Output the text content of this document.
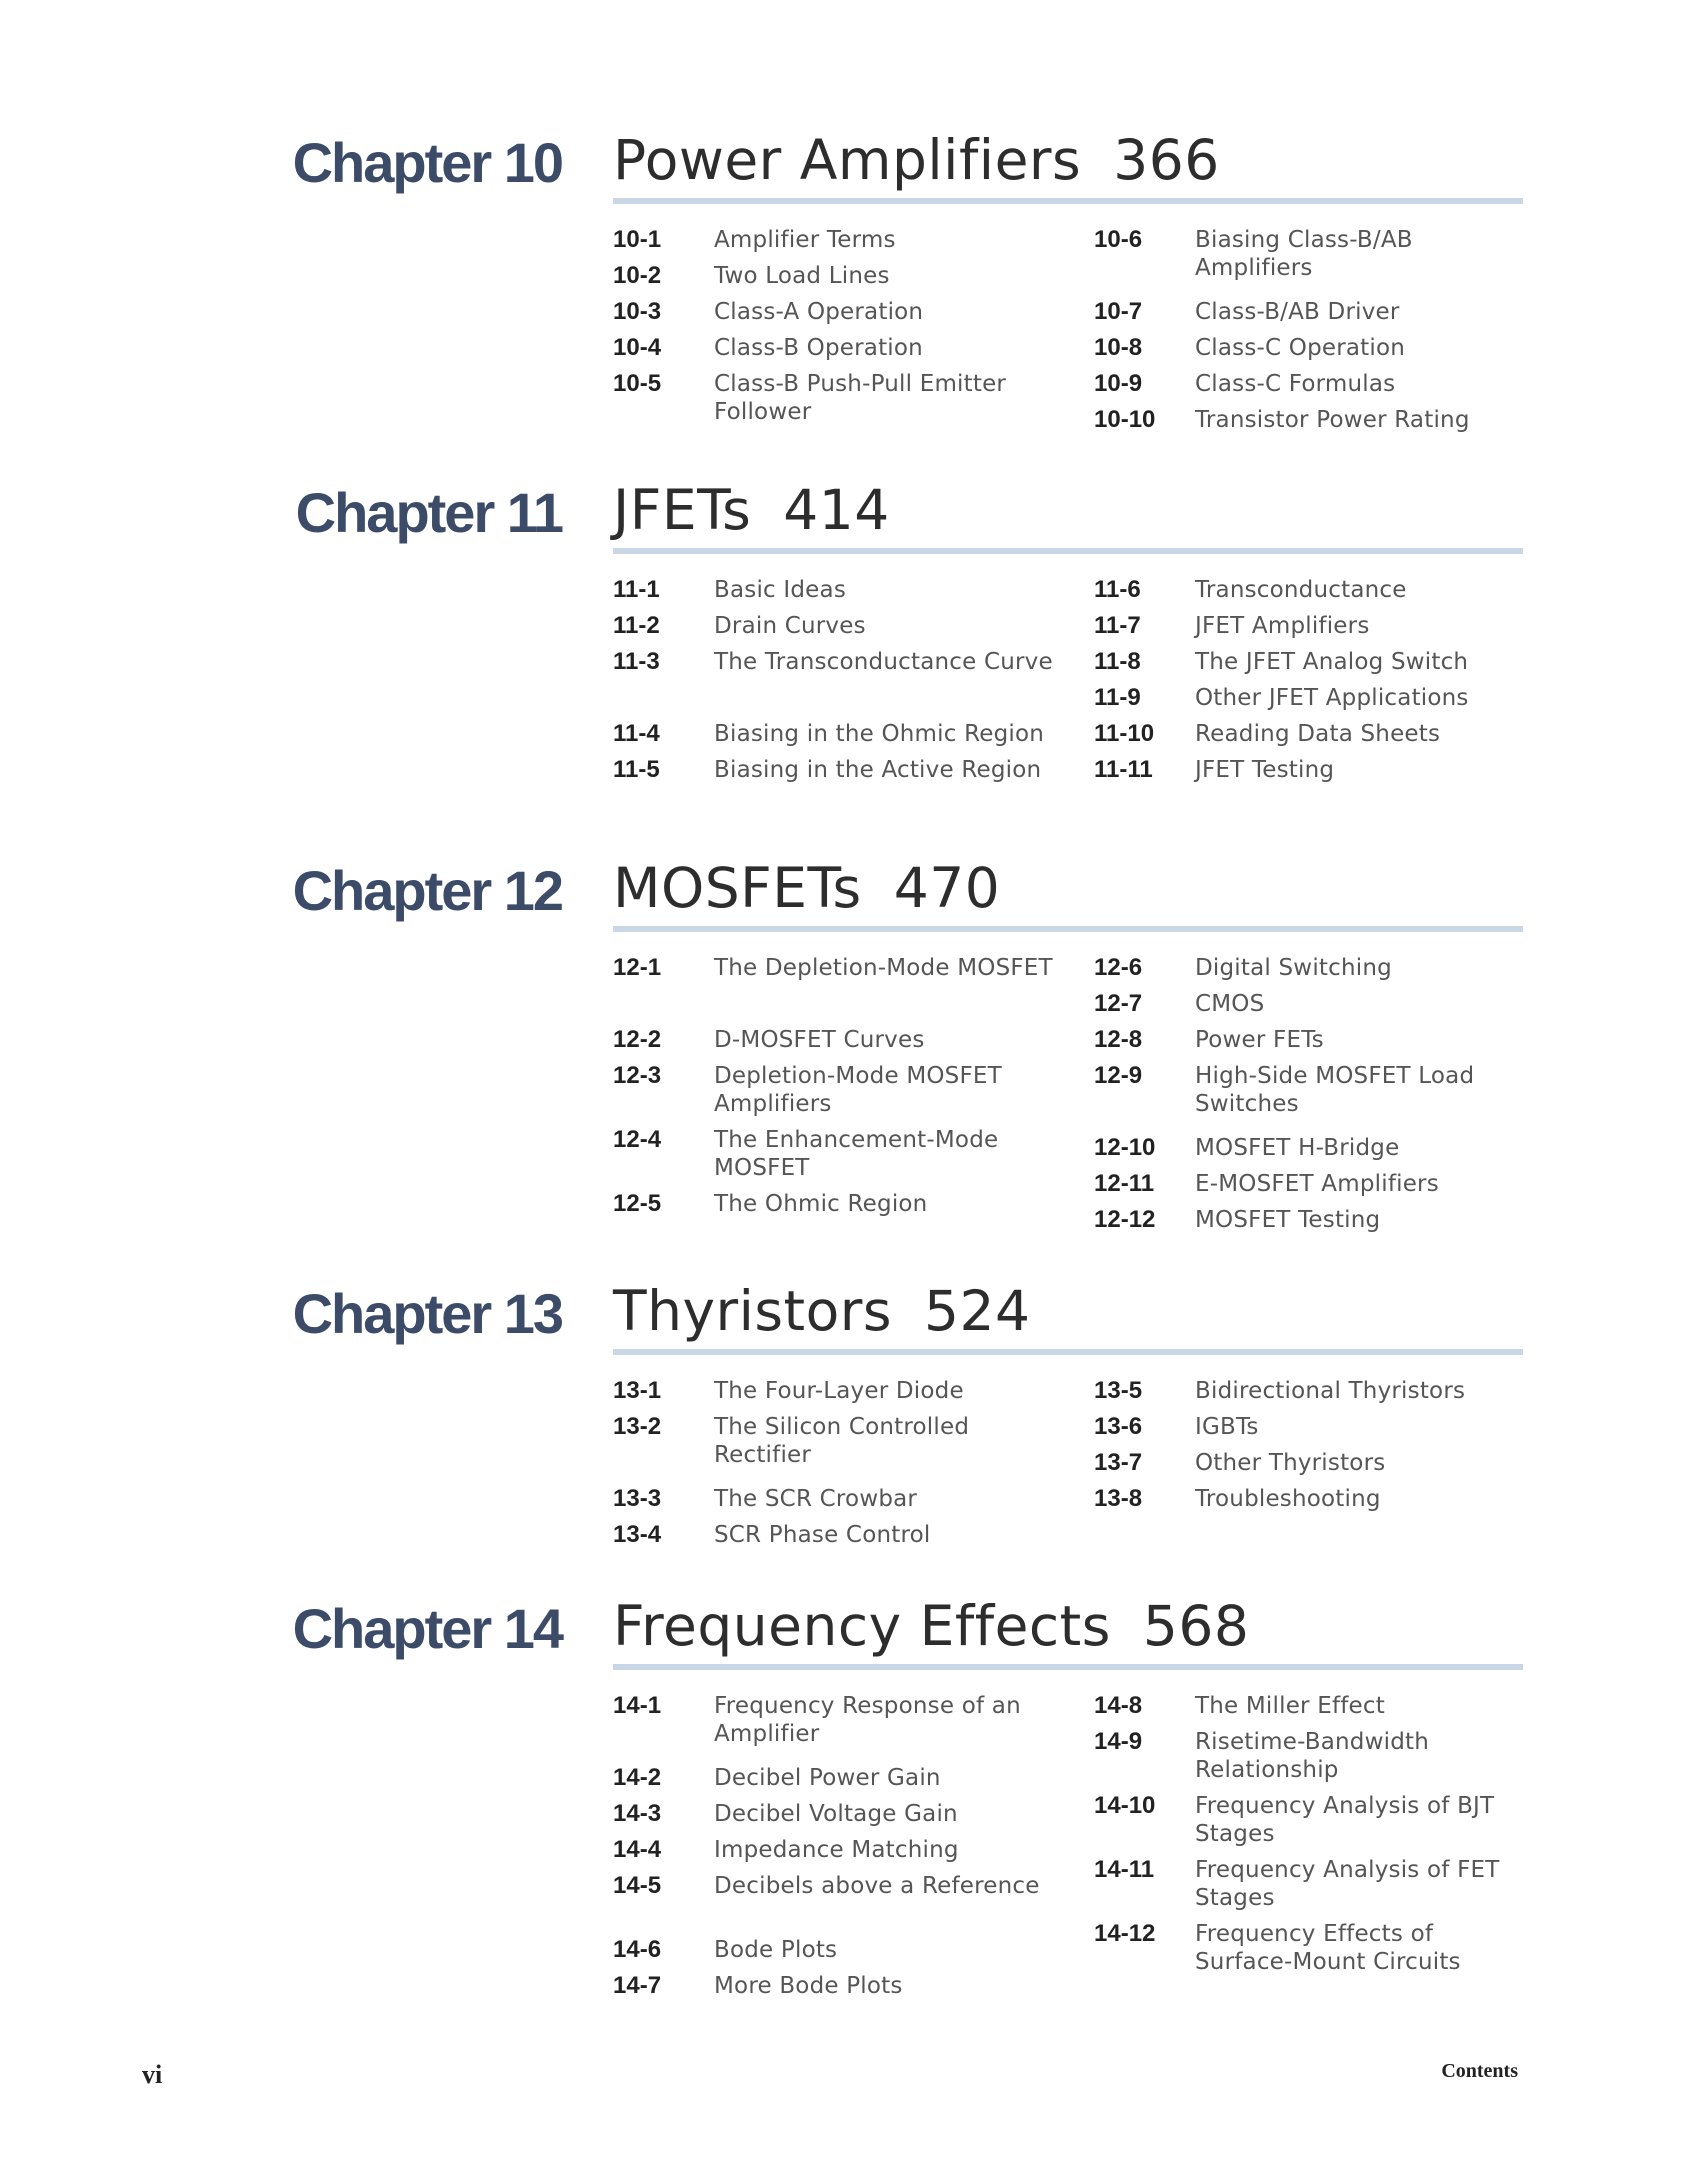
Chapter 10 Power Amplifiers 366
10-1 Amplifier Terms
10-2 Two Load Lines
10-3 Class-A Operation
10-4 Class-B Operation
10-5 Class-B Push-Pull Emitter Follower
10-6 Biasing Class-B/AB Amplifiers
10-7 Class-B/AB Driver
10-8 Class-C Operation
10-9 Class-C Formulas
10-10 Transistor Power Rating
Chapter 11 JFETs 414
11-1 Basic Ideas
11-2 Drain Curves
11-3 The Transconductance Curve
11-4 Biasing in the Ohmic Region
11-5 Biasing in the Active Region
11-6 Transconductance
11-7 JFET Amplifiers
11-8 The JFET Analog Switch
11-9 Other JFET Applications
11-10 Reading Data Sheets
11-11 JFET Testing
Chapter 12 MOSFETs 470
12-1 The Depletion-Mode MOSFET
12-2 D-MOSFET Curves
12-3 Depletion-Mode MOSFET Amplifiers
12-4 The Enhancement-Mode MOSFET
12-5 The Ohmic Region
12-6 Digital Switching
12-7 CMOS
12-8 Power FETs
12-9 High-Side MOSFET Load Switches
12-10 MOSFET H-Bridge
12-11 E-MOSFET Amplifiers
12-12 MOSFET Testing
Chapter 13 Thyristors 524
13-1 The Four-Layer Diode
13-2 The Silicon Controlled Rectifier
13-3 The SCR Crowbar
13-4 SCR Phase Control
13-5 Bidirectional Thyristors
13-6 IGBTs
13-7 Other Thyristors
13-8 Troubleshooting
Chapter 14 Frequency Effects 568
14-1 Frequency Response of an Amplifier
14-2 Decibel Power Gain
14-3 Decibel Voltage Gain
14-4 Impedance Matching
14-5 Decibels above a Reference
14-6 Bode Plots
14-7 More Bode Plots
14-8 The Miller Effect
14-9 Risetime-Bandwidth Relationship
14-10 Frequency Analysis of BJT Stages
14-11 Frequency Analysis of FET Stages
14-12 Frequency Effects of Surface-Mount Circuits
vi	Contents
